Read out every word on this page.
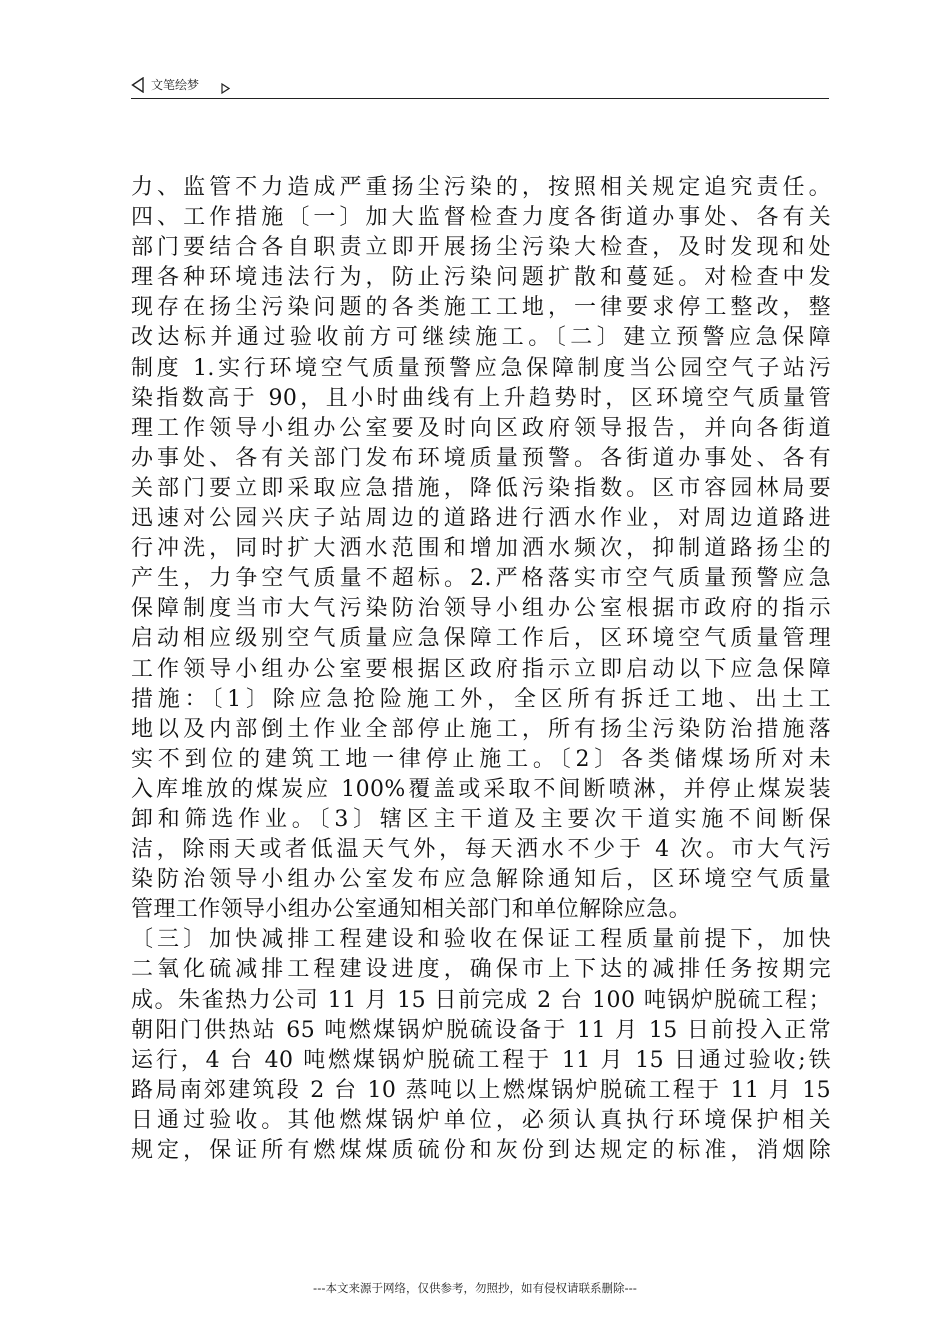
文笔绘梦
力、监管不力造成严重扬尘污染的，按照相关规定追究责任。
四、工作措施〔一〕加大监督检查力度各街道办事处、各有关
部门要结合各自职责立即开展扬尘污染大检查，及时发现和处
理各种环境违法行为，防止污染问题扩散和蔓延。对检查中发
现存在扬尘污染问题的各类施工工地，一律要求停工整改，整
改达标并通过验收前方可继续施工。〔二〕建立预警应急保障
制度 1.实行环境空气质量预警应急保障制度当公园空气子站污
染指数高于 90，且小时曲线有上升趋势时，区环境空气质量管
理工作领导小组办公室要及时向区政府领导报告，并向各街道
办事处、各有关部门发布环境质量预警。各街道办事处、各有
关部门要立即采取应急措施，降低污染指数。区市容园林局要
迅速对公园兴庆子站周边的道路进行洒水作业，对周边道路进
行冲洗，同时扩大洒水范围和增加洒水频次，抑制道路扬尘的
产生，力争空气质量不超标。2.严格落实市空气质量预警应急
保障制度当市大气污染防治领导小组办公室根据市政府的指示
启动相应级别空气质量应急保障工作后，区环境空气质量管理
工作领导小组办公室要根据区政府指示立即启动以下应急保障
措施：〔1〕除应急抢险施工外，全区所有拆迁工地、出土工
地以及内部倒土作业全部停止施工，所有扬尘污染防治措施落
实不到位的建筑工地一律停止施工。〔2〕各类储煤场所对未
入库堆放的煤炭应 100%覆盖或采取不间断喷淋，并停止煤炭装
卸和筛选作业。〔3〕辖区主干道及主要次干道实施不间断保
洁，除雨天或者低温天气外，每天洒水不少于 4 次。市大气污
染防治领导小组办公室发布应急解除通知后，区环境空气质量
管理工作领导小组办公室通知相关部门和单位解除应急。
〔三〕加快减排工程建设和验收在保证工程质量前提下，加快
二氧化硫减排工程建设进度，确保市上下达的减排任务按期完
成。朱雀热力公司 11 月 15 日前完成 2 台 100 吨锅炉脱硫工程；
朝阳门供热站 65 吨燃煤锅炉脱硫设备于 11 月 15 日前投入正常
运行，4 台 40 吨燃煤锅炉脱硫工程于 11 月 15 日通过验收;铁
路局南郊建筑段 2 台 10 蒸吨以上燃煤锅炉脱硫工程于 11 月 15
日通过验收。其他燃煤锅炉单位，必须认真执行环境保护相关
规定，保证所有燃煤煤质硫份和灰份到达规定的标准，消烟除
---本文来源于网络，仅供参考，勿照抄，如有侵权请联系删除---
